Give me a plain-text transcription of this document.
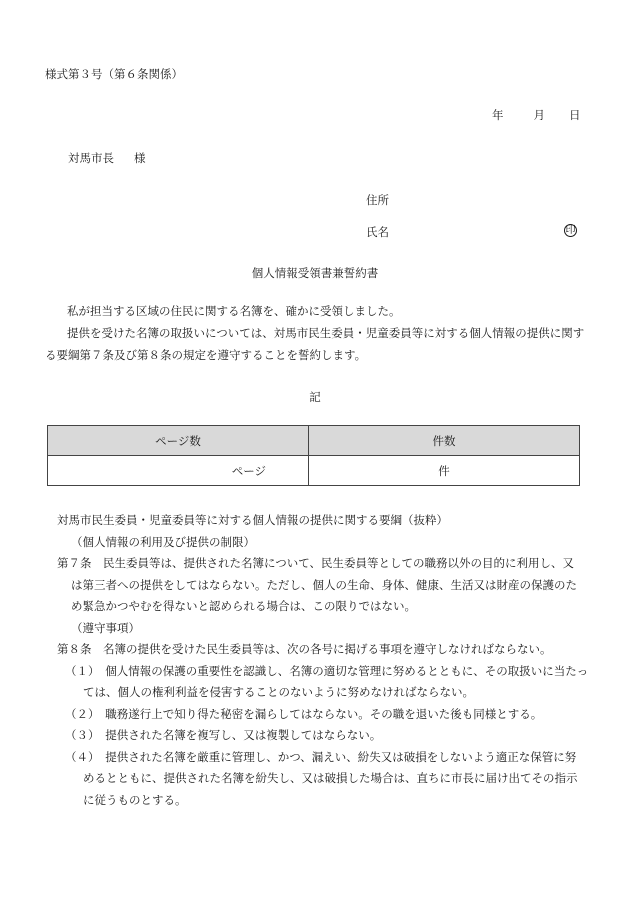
様式第３号（第６条関係）
年	月 日
対馬市長 様
住所
氏名	印
個人情報受領書兼誓約書
私が担当する区域の住民に関する名簿を、確かに受領しました。
提供を受けた名簿の取扱いについては、対馬市民生委員・児童委員等に対する個人情報の提供に関する要綱第７条及び第８条の規定を遵守することを誓約します。
記
ページ数	件数
ページ	件
対馬市民生委員・児童委員等に対する個人情報の提供に関する要綱（抜粋）
（個人情報の利用及び提供の制限）
第７条　民生委員等は、提供された名簿について、民生委員等としての職務以外の目的に利用し、又
は第三者への提供をしてはならない。ただし、個人の生命、身体、健康、生活又は財産の保護のた
め緊急かつやむを得ないと認められる場合は、この限りではない。
（遵守事項）
第８条　名簿の提供を受けた民生委員等は、次の各号に掲げる事項を遵守しなければならない。
（１）　個人情報の保護の重要性を認識し、名簿の適切な管理に努めるとともに、その取扱いに当たっ
ては、個人の権利利益を侵害することのないように努めなければならない。
（２）　職務遂行上で知り得た秘密を漏らしてはならない。その職を退いた後も同様とする。
（３）　提供された名簿を複写し、又は複製してはならない。
（４）　提供された名簿を厳重に管理し、かつ、漏えい、紛失又は破損をしないよう適正な保管に努
めるとともに、提供された名簿を紛失し、又は破損した場合は、直ちに市長に届け出てその指示
に従うものとする。
